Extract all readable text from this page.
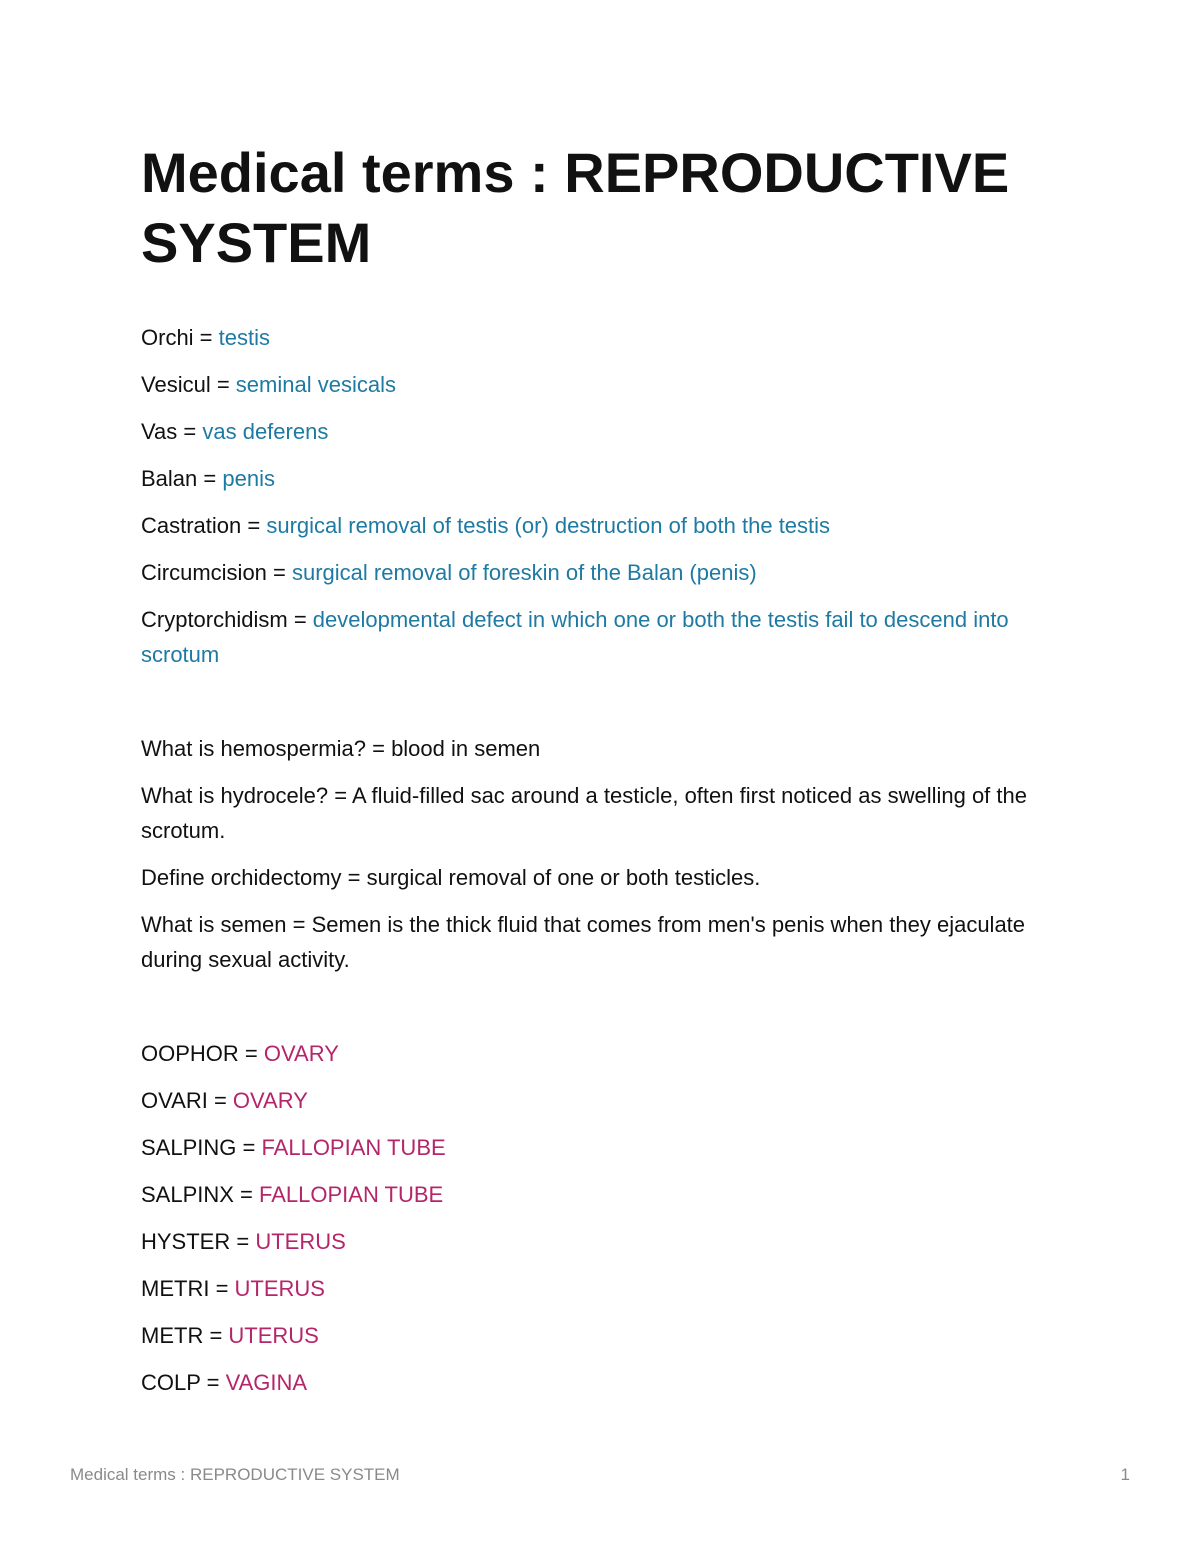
Medical terms : REPRODUCTIVE SYSTEM
Orchi = testis
Vesicul = seminal vesicals
Vas = vas deferens
Balan = penis
Castration = surgical removal of testis (or) destruction of both the testis
Circumcision = surgical removal of foreskin of the Balan (penis)
Cryptorchidism = developmental defect in which one or both the testis fail to descend into scrotum
What is hemospermia? = blood in semen
What is hydrocele? = A fluid-filled sac around a testicle, often first noticed as swelling of the scrotum.
Define orchidectomy = surgical removal of one or both testicles.
What is semen = Semen is the thick fluid that comes from men's penis when they ejaculate during sexual activity.
OOPHOR = OVARY
OVARI = OVARY
SALPING = FALLOPIAN TUBE
SALPINX = FALLOPIAN TUBE
HYSTER = UTERUS
METRI = UTERUS
METR = UTERUS
COLP = VAGINA
Medical terms : REPRODUCTIVE SYSTEM	1
